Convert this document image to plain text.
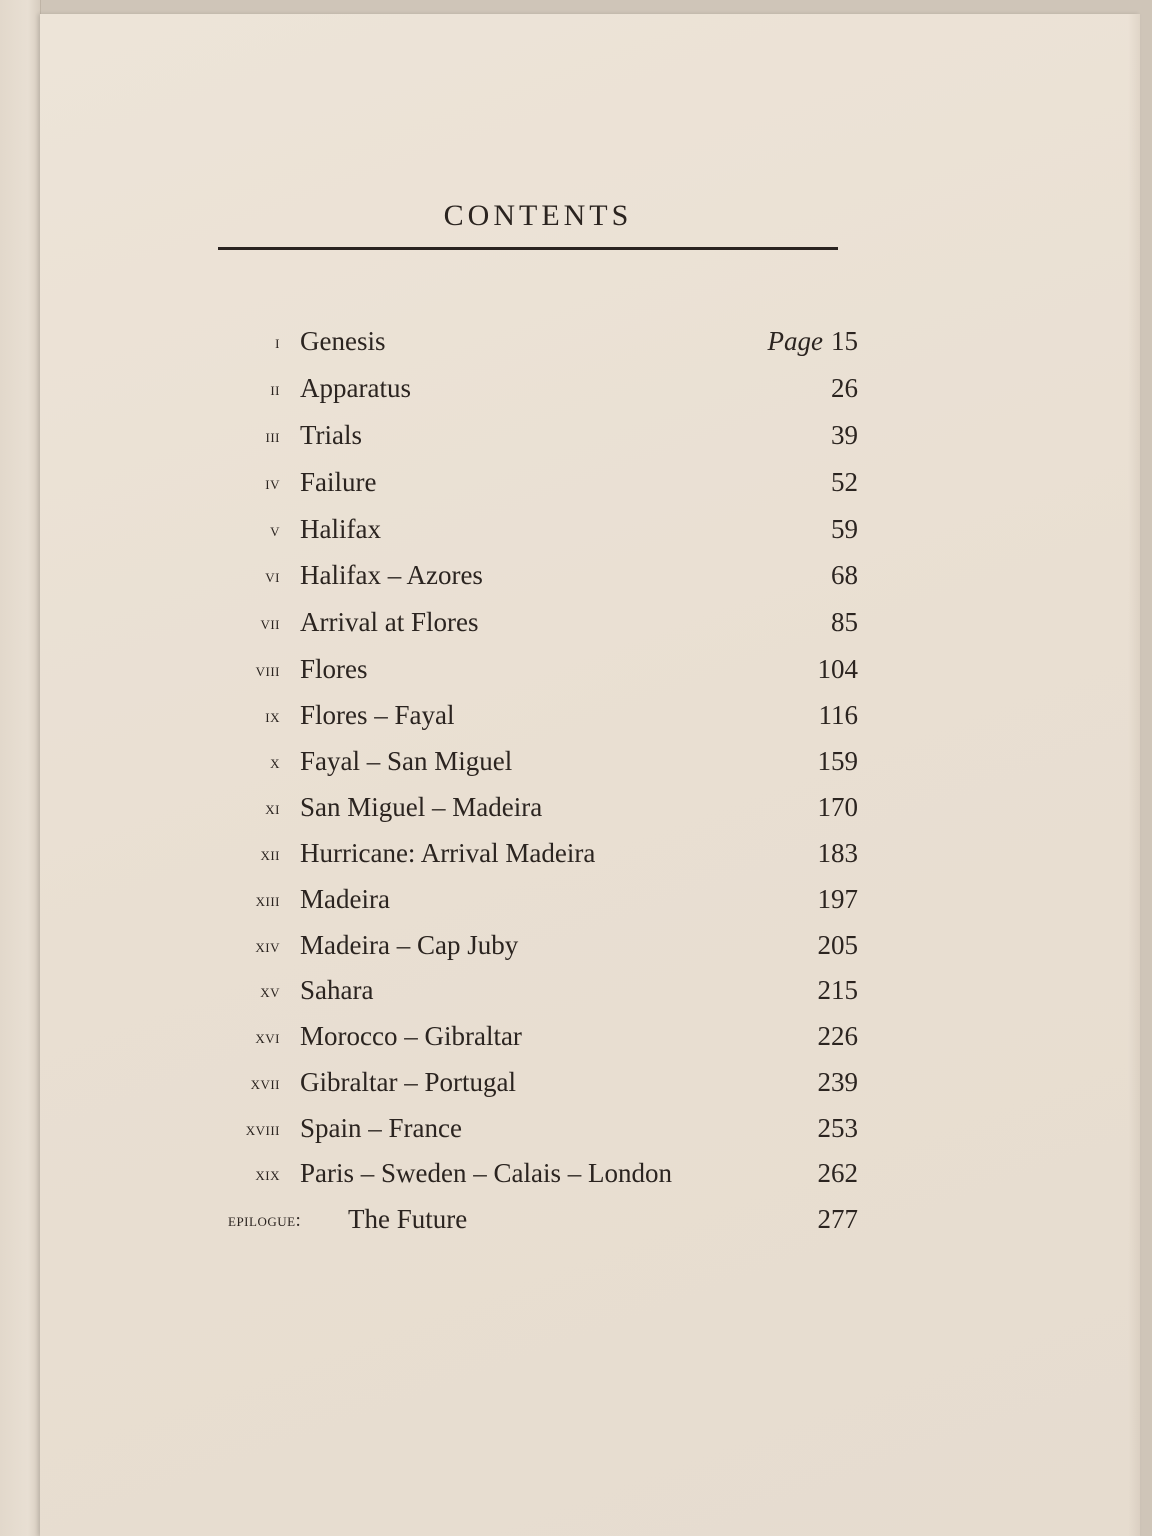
CONTENTS
i Genesis	Page 15
ii Apparatus	26
iii Trials	39
iv Failure	52
v Halifax	59
vi Halifax – Azores	68
vii Arrival at Flores	85
viii Flores	104
ix Flores – Fayal	116
x Fayal – San Miguel	159
xi San Miguel – Madeira	170
xii Hurricane: Arrival Madeira	183
xiii Madeira	197
xiv Madeira – Cap Juby	205
xv Sahara	215
xvi Morocco – Gibraltar	226
xvii Gibraltar – Portugal	239
xviii Spain – France	253
xix Paris – Sweden – Calais – London	262
epilogue: The Future	277
